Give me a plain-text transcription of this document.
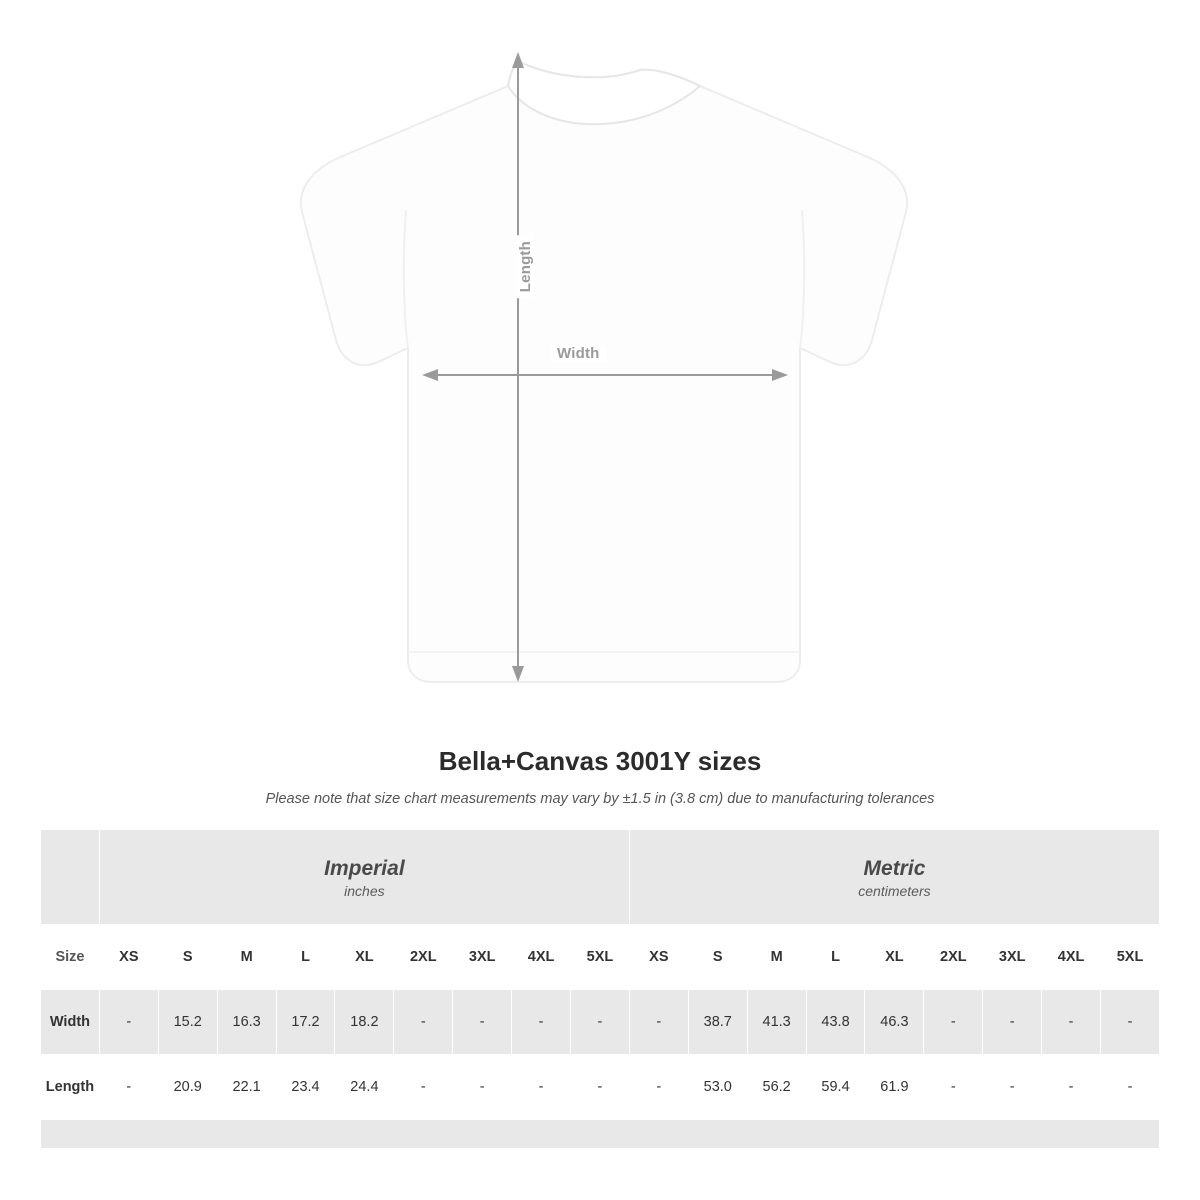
Length
Width
Bella+Canvas 3001Y sizes

Please note that size chart measurements may vary by ±1.5 in (3.8 cm) due to manufacturing tolerances

Imperial
inches

Metric
centimeters

Size	XS	S	M	L	XL	2XL	3XL	4XL	5XL	XS	S	M	L	XL	2XL	3XL	4XL	5XL
Width	-	15.2	16.3	17.2	18.2	-	-	-	-	-	38.7	41.3	43.8	46.3	-	-	-	-
Length	-	20.9	22.1	23.4	24.4	-	-	-	-	-	53.0	56.2	59.4	61.9	-	-	-	-
